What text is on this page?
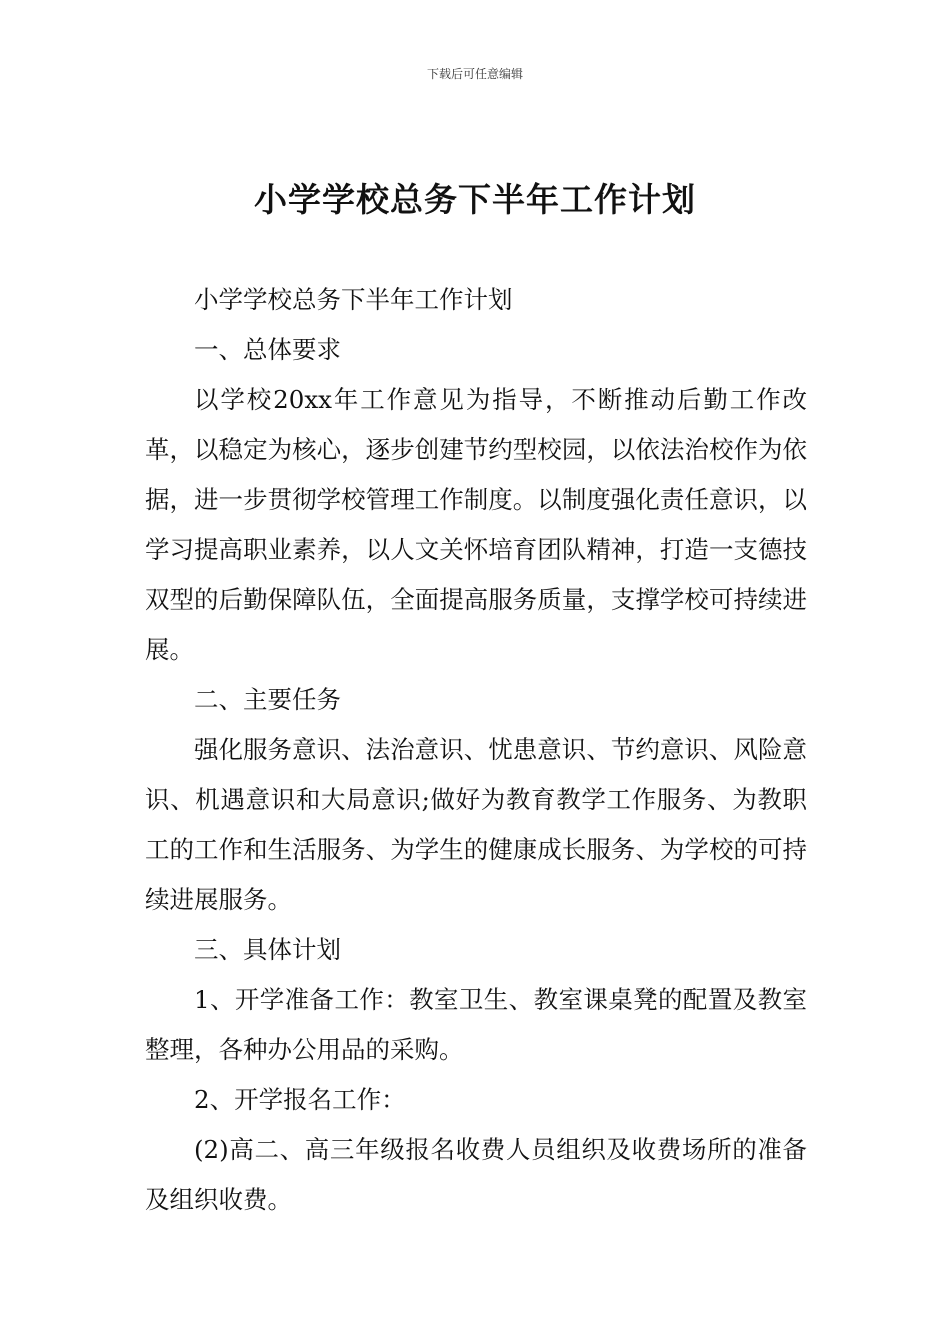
下载后可任意编辑
小学学校总务下半年工作计划

小学学校总务下半年工作计划

一、总体要求

以学校20xx年工作意见为指导，不断推动后勤工作改革，以稳定为核心，逐步创建节约型校园，以依法治校作为依据，进一步贯彻学校管理工作制度。以制度强化责任意识，以学习提高职业素养，以人文关怀培育团队精神，打造一支德技双型的后勤保障队伍，全面提高服务质量，支撑学校可持续进展。

二、主要任务

强化服务意识、法治意识、忧患意识、节约意识、风险意识、机遇意识和大局意识;做好为教育教学工作服务、为教职工的工作和生活服务、为学生的健康成长服务、为学校的可持续进展服务。

三、具体计划

1、开学准备工作：教室卫生、教室课桌凳的配置及教室整理，各种办公用品的采购。

2、开学报名工作：

(2)高二、高三年级报名收费人员组织及收费场所的准备及组织收费。
